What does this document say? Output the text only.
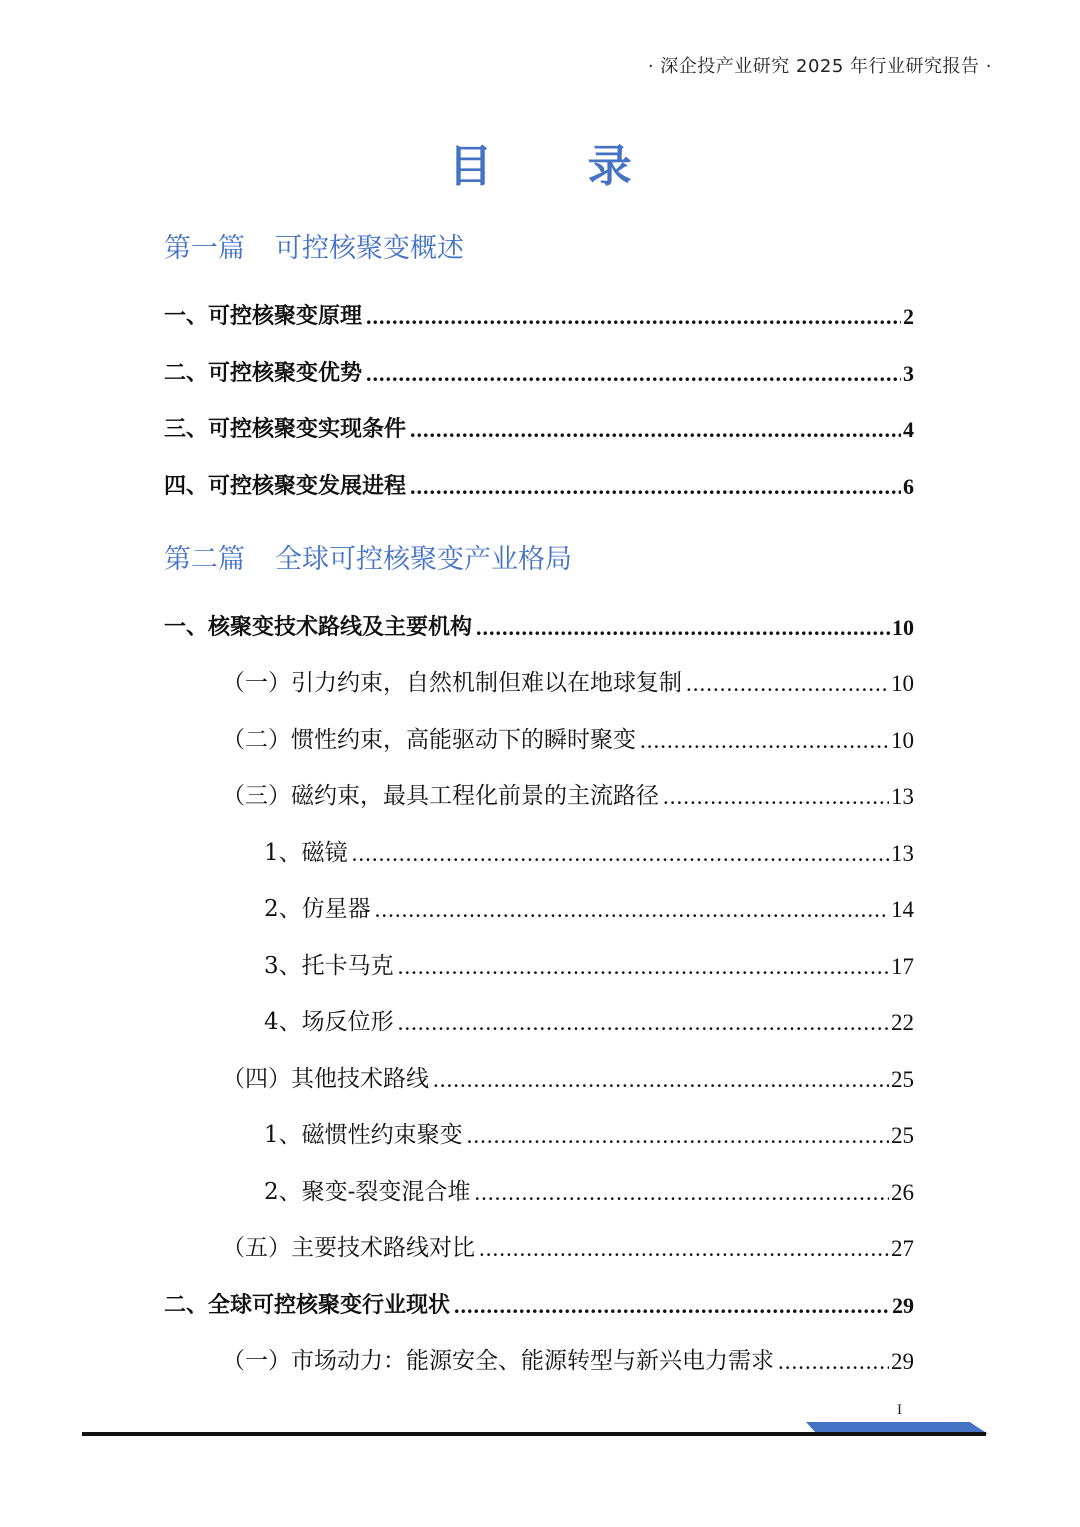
· 深企投产业研究 2025 年行业研究报告 ·
目 录
第一篇 可控核聚变概述
一、可控核聚变原理 .....	2
二、可控核聚变优势 .....	3
三、可控核聚变实现条件 .....	4
四、可控核聚变发展进程 .....	6
第二篇 全球可控核聚变产业格局
一、核聚变技术路线及主要机构 .....	10
（一）引力约束，自然机制但难以在地球复制 .....	10
（二）惯性约束，高能驱动下的瞬时聚变 .....	10
（三）磁约束，最具工程化前景的主流路径 .....	13
1、磁镜 .....	13
2、仿星器 .....	14
3、托卡马克 .....	17
4、场反位形 .....	22
（四）其他技术路线 .....	25
1、磁惯性约束聚变 .....	25
2、聚变-裂变混合堆 .....	26
（五）主要技术路线对比 .....	27
二、全球可控核聚变行业现状 .....	29
（一）市场动力：能源安全、能源转型与新兴电力需求 .....	29
I
